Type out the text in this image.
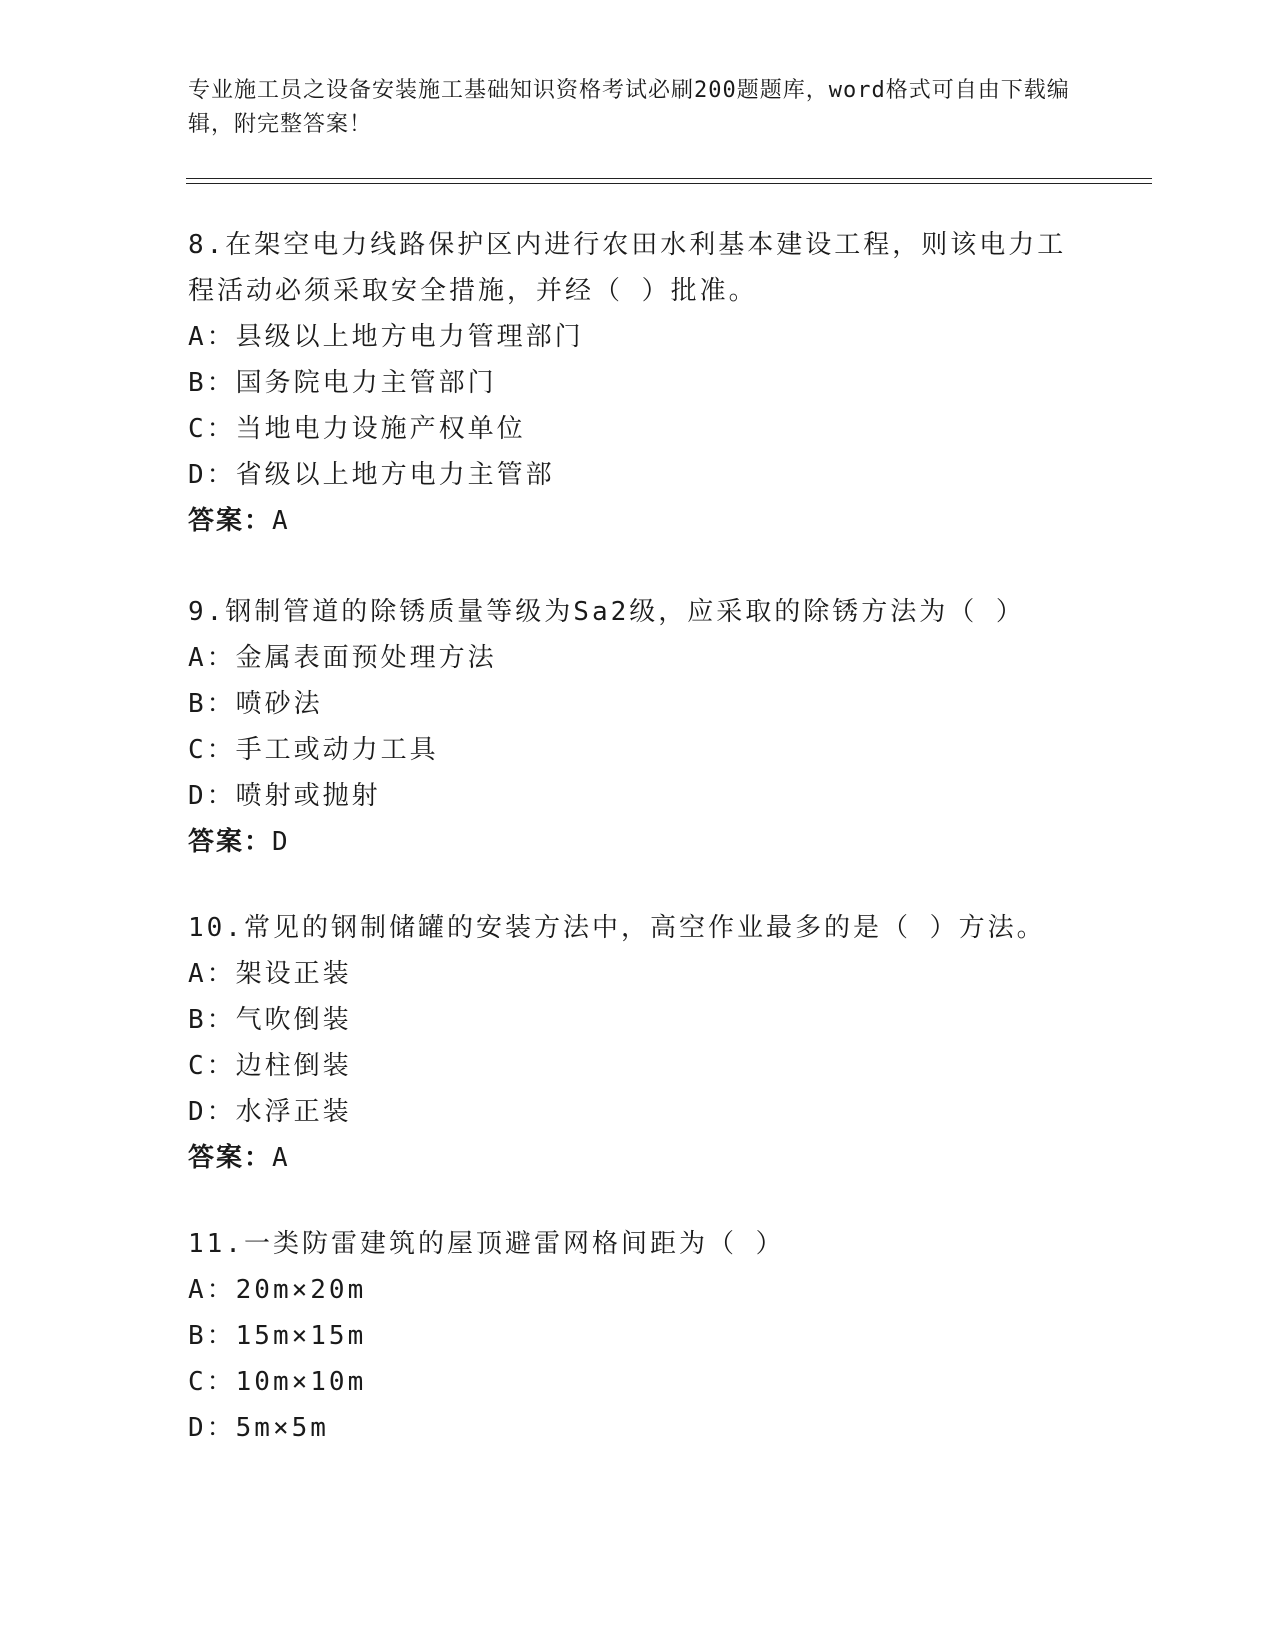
专业施工员之设备安装施工基础知识资格考试必刷200题题库，word格式可自由下载编辑，附完整答案！
8.在架空电力线路保护区内进行农田水利基本建设工程，则该电力工程活动必须采取安全措施，并经（ ）批准。
A：县级以上地方电力管理部门
B：国务院电力主管部门
C：当地电力设施产权单位
D：省级以上地方电力主管部
答案：A
9.钢制管道的除锈质量等级为Sa2级，应采取的除锈方法为（ ）
A：金属表面预处理方法
B：喷砂法
C：手工或动力工具
D：喷射或抛射
答案：D
10.常见的钢制储罐的安装方法中，高空作业最多的是（ ）方法。
A：架设正装
B：气吹倒装
C：边柱倒装
D：水浮正装
答案：A
11.一类防雷建筑的屋顶避雷网格间距为（ ）
A：20m×20m
B：15m×15m
C：10m×10m
D：5m×5m
